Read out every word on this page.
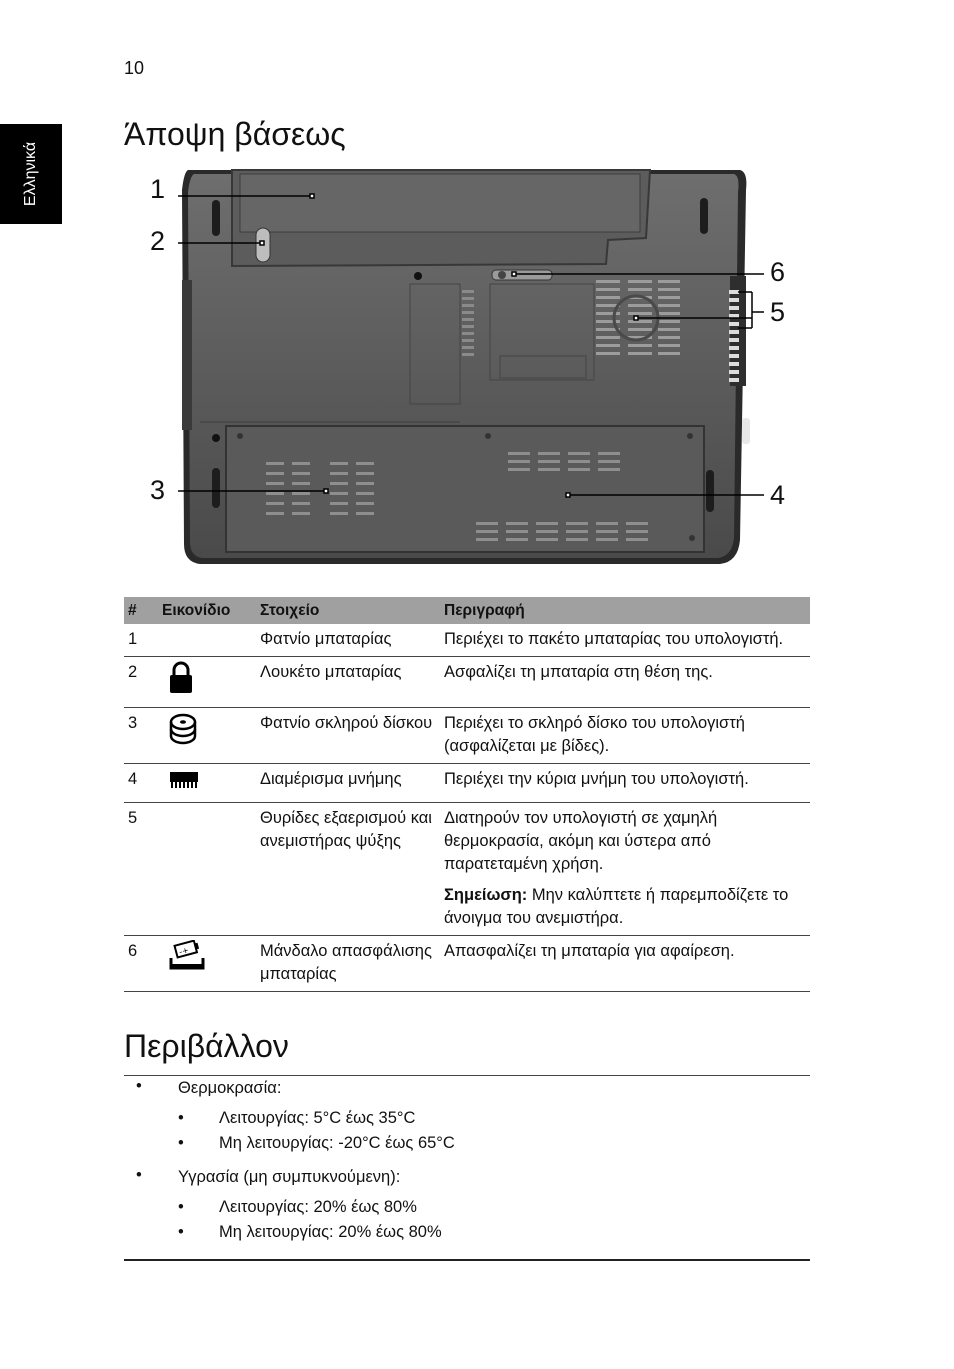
10
Ελληνικά
Άποψη βάσεως
1
2
3	4
5
6
#	Εικονίδιο	Στοιχείο	Περιγραφή
1		Φατνίο μπαταρίας	Περιέχει το πακέτο μπαταρίας του υπολογιστή.

2		Λουκέτο μπαταρίας	Ασφαλίζει τη μπαταρία στη θέση της.

3		Φατνίο σκληρού δίσκου	Περιέχει το σκληρό δίσκο του υπολογιστή (ασφαλίζεται με βίδες).

4		Διαμέρισμα μνήμης	Περιέχει την κύρια μνήμη του υπολογιστή.

5		Θυρίδες εξαερισμού και ανεμιστήρας ψύξης	Διατηρούν τον υπολογιστή σε χαμηλή θερμοκρασία, ακόμη και ύστερα από παρατεταμένη χρήση.

Σημείωση: Μην καλύπτετε ή παρεμποδίζετε το άνοιγμα του ανεμιστήρα.

6	-+	Μάνδαλο απασφάλισης μπαταρίας	Απασφαλίζει τη μπαταρία για αφαίρεση.

Περιβάλλον
• Θερμοκρασία:
• Λειτουργίας: 5°C έως 35°C
• Μη λειτουργίας: -20°C έως 65°C
• Υγρασία (μη συμπυκνούμενη):
• Λειτουργίας: 20% έως 80%
• Μη λειτουργίας: 20% έως 80%
